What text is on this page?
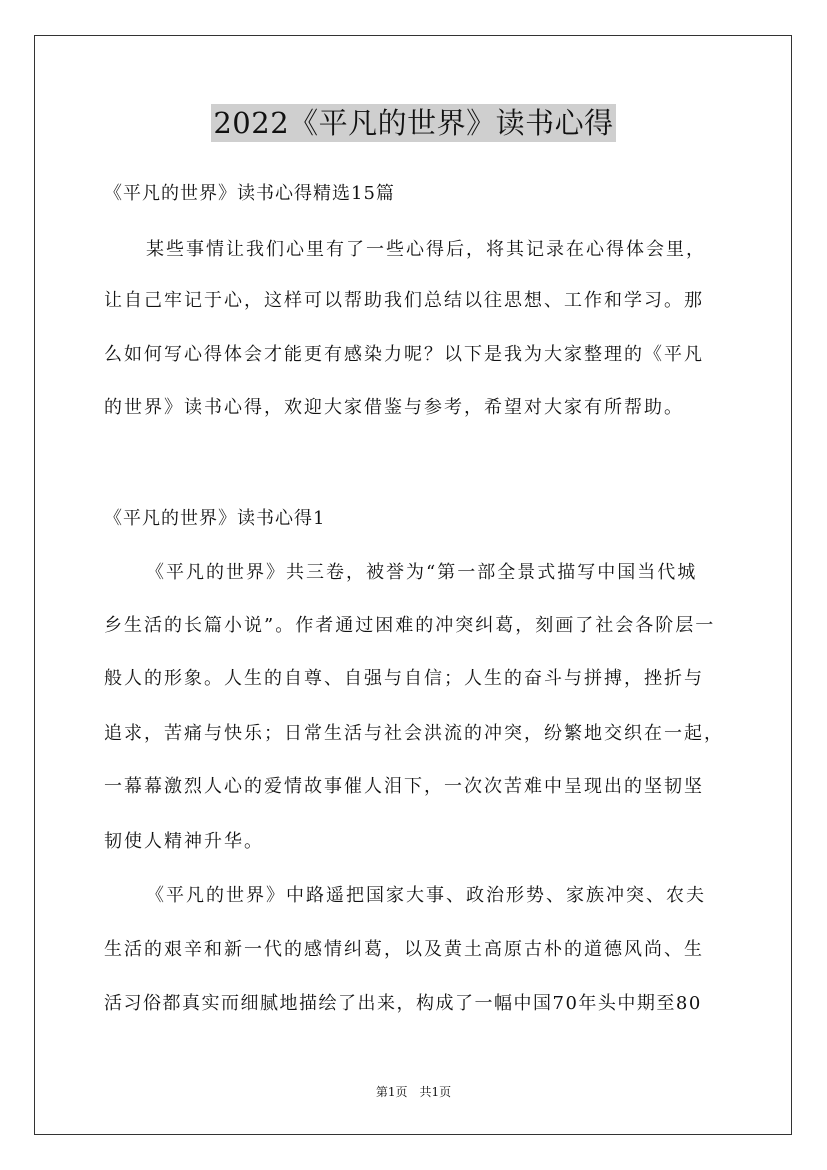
2022《平凡的世界》读书心得
《平凡的世界》读书心得精选15篇
某些事情让我们心里有了一些心得后，将其记录在心得体会里，
让自己牢记于心，这样可以帮助我们总结以往思想、工作和学习。那
么如何写心得体会才能更有感染力呢？以下是我为大家整理的《平凡
的世界》读书心得，欢迎大家借鉴与参考，希望对大家有所帮助。
《平凡的世界》读书心得1
《平凡的世界》共三卷，被誉为“第一部全景式描写中国当代城
乡生活的长篇小说”。作者通过困难的冲突纠葛，刻画了社会各阶层一
般人的形象。人生的自尊、自强与自信；人生的奋斗与拼搏，挫折与
追求，苦痛与快乐；日常生活与社会洪流的冲突，纷繁地交织在一起，
一幕幕激烈人心的爱情故事催人泪下，一次次苦难中呈现出的坚韧坚
韧使人精神升华。
《平凡的世界》中路遥把国家大事、政治形势、家族冲突、农夫
生活的艰辛和新一代的感情纠葛，以及黄土高原古朴的道德风尚、生
活习俗都真实而细腻地描绘了出来，构成了一幅中国70年头中期至80
第1页　共1页
